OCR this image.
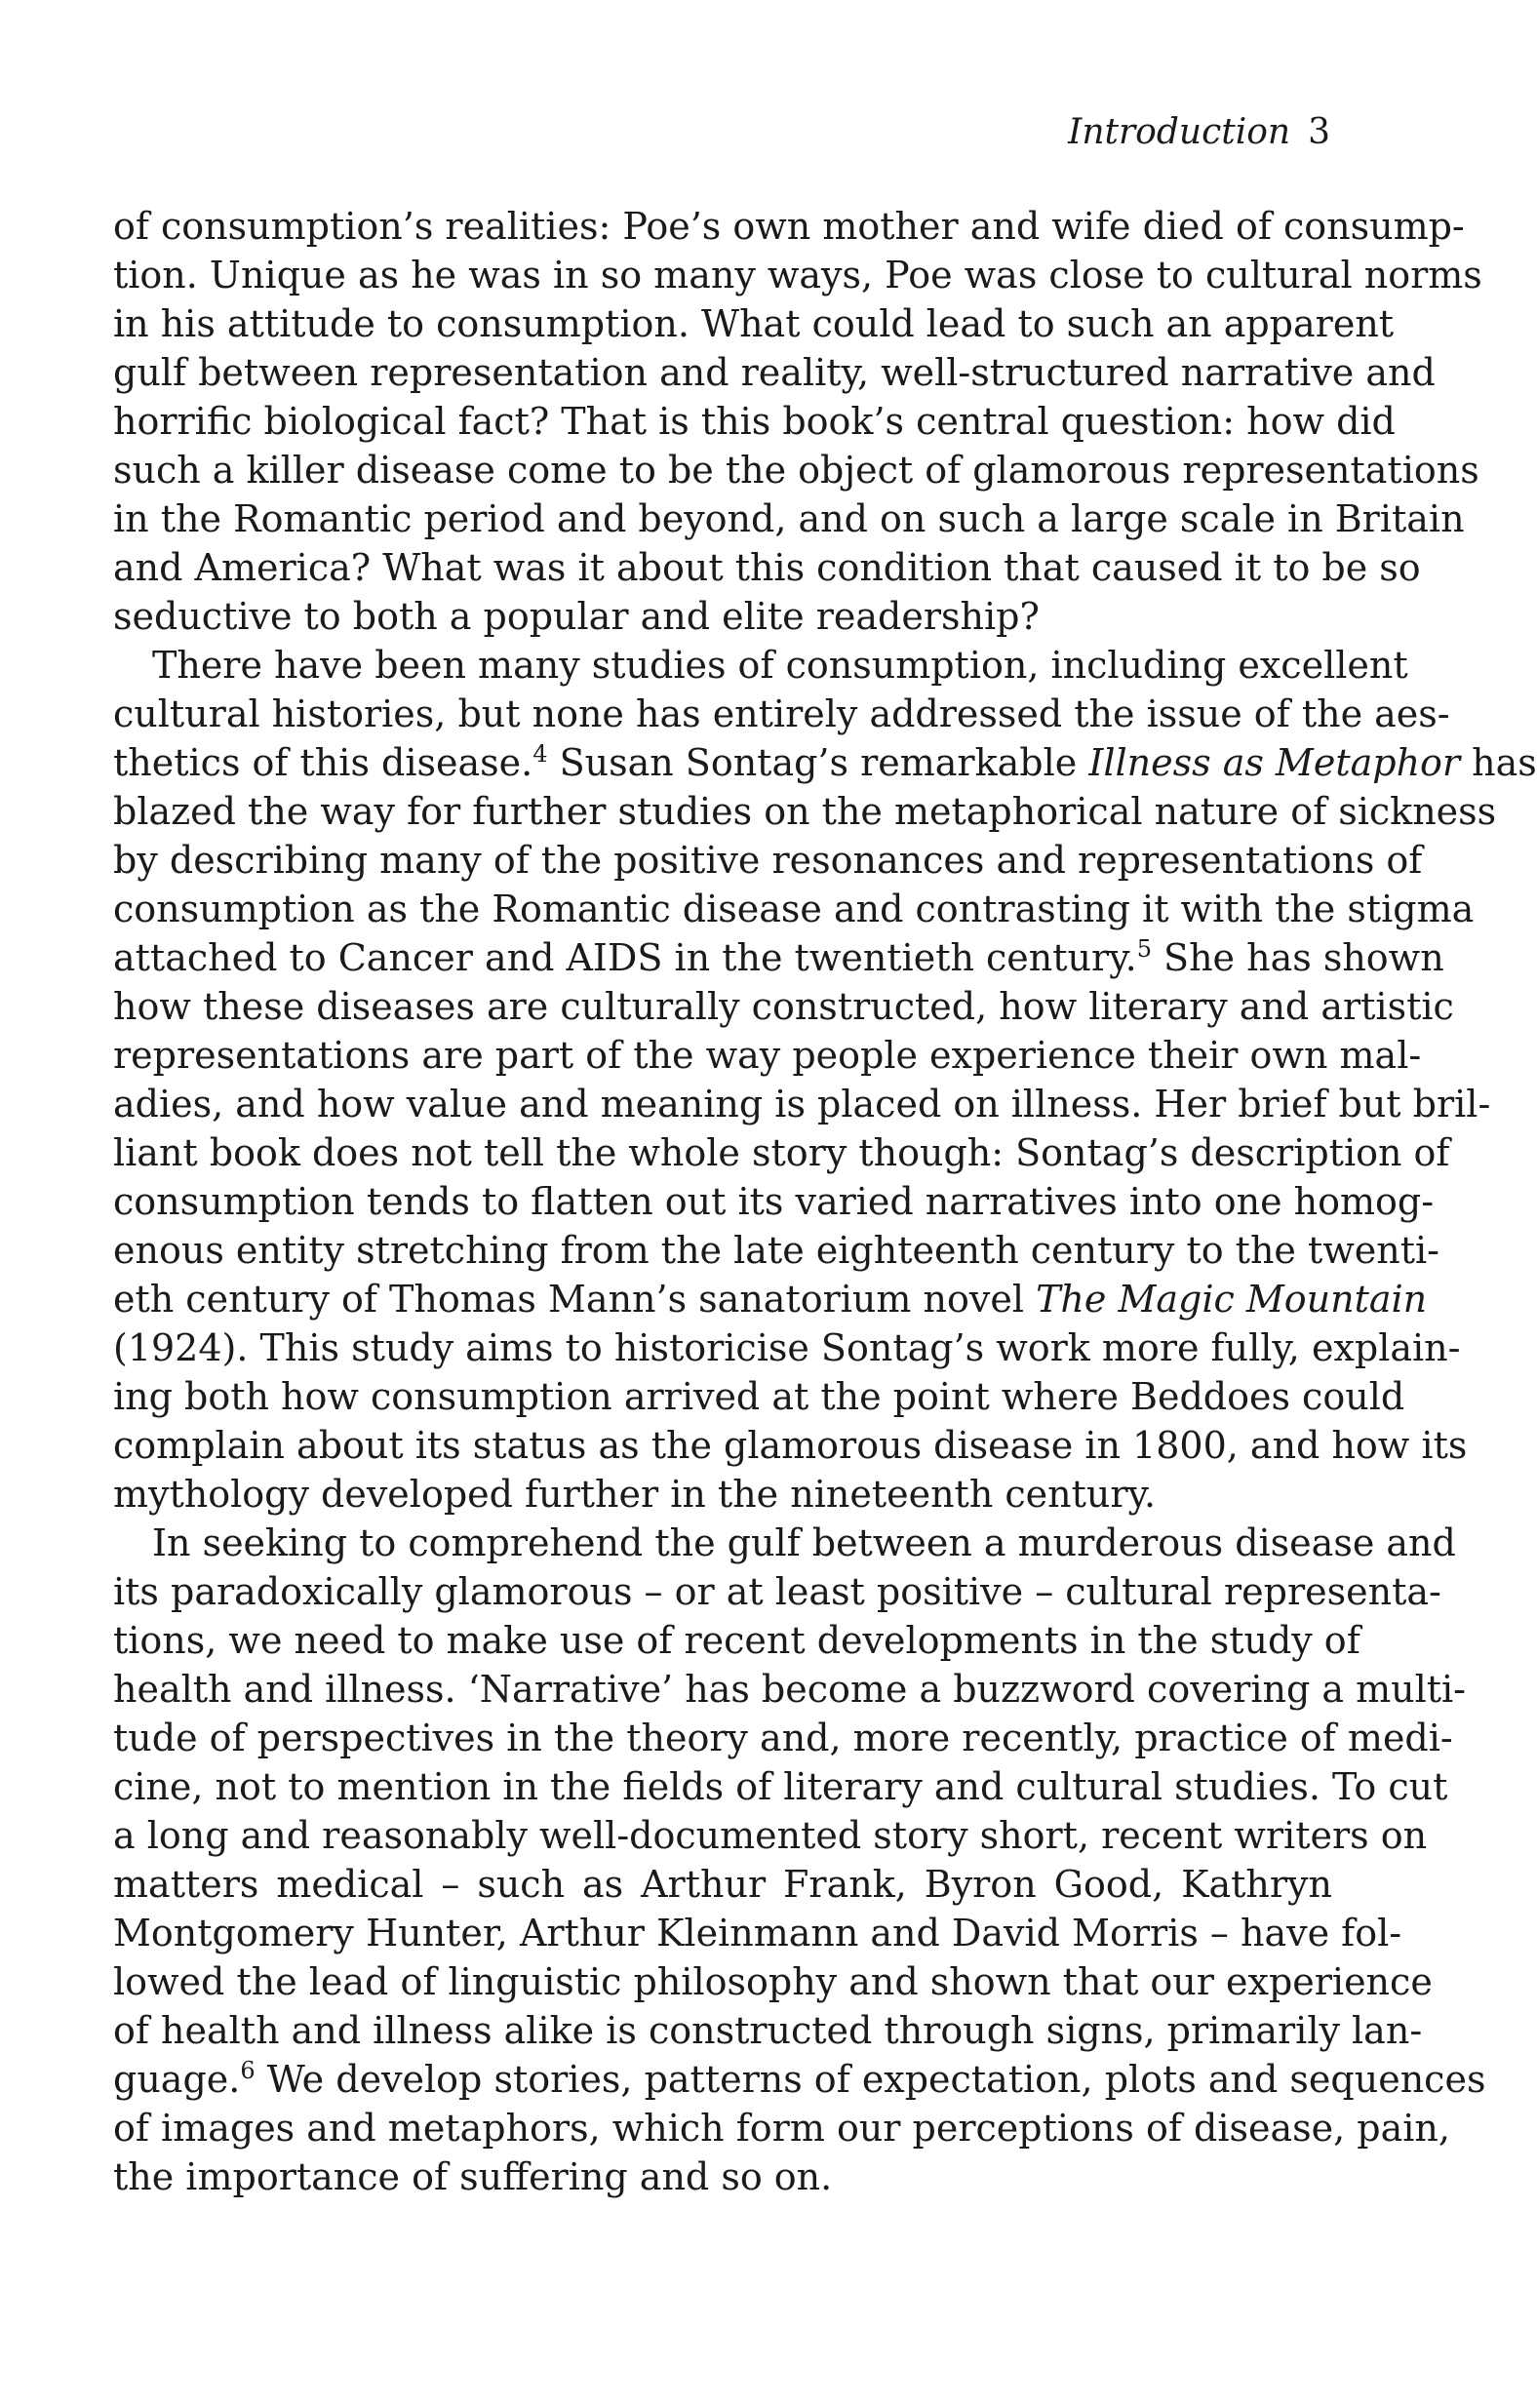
Introduction 3
of consumption’s realities: Poe’s own mother and wife died of consump-
tion. Unique as he was in so many ways, Poe was close to cultural norms
in his attitude to consumption. What could lead to such an apparent
gulf between representation and reality, well-structured narrative and
horrific biological fact? That is this book’s central question: how did
such a killer disease come to be the object of glamorous representations
in the Romantic period and beyond, and on such a large scale in Britain
and America? What was it about this condition that caused it to be so
seductive to both a popular and elite readership?
There have been many studies of consumption, including excellent
cultural histories, but none has entirely addressed the issue of the aes-
thetics of this disease.$^4$ Susan Sontag’s remarkable Illness as Metaphor has
blazed the way for further studies on the metaphorical nature of sickness
by describing many of the positive resonances and representations of
consumption as the Romantic disease and contrasting it with the stigma
attached to Cancer and AIDS in the twentieth century.$^5$ She has shown
how these diseases are culturally constructed, how literary and artistic
representations are part of the way people experience their own mal-
adies, and how value and meaning is placed on illness. Her brief but bril-
liant book does not tell the whole story though: Sontag’s description of
consumption tends to flatten out its varied narratives into one homog-
enous entity stretching from the late eighteenth century to the twenti-
eth century of Thomas Mann’s sanatorium novel The Magic Mountain
(1924). This study aims to historicise Sontag’s work more fully, explain-
ing both how consumption arrived at the point where Beddoes could
complain about its status as the glamorous disease in 1800, and how its
mythology developed further in the nineteenth century.
In seeking to comprehend the gulf between a murderous disease and
its paradoxically glamorous – or at least positive – cultural representa-
tions, we need to make use of recent developments in the study of
health and illness. ‘Narrative’ has become a buzzword covering a multi-
tude of perspectives in the theory and, more recently, practice of medi-
cine, not to mention in the fields of literary and cultural studies. To cut
a long and reasonably well-documented story short, recent writers on
matters medical – such as Arthur Frank, Byron Good, Kathryn
Montgomery Hunter, Arthur Kleinmann and David Morris – have fol-
lowed the lead of linguistic philosophy and shown that our experience
of health and illness alike is constructed through signs, primarily lan-
guage.$^6$ We develop stories, patterns of expectation, plots and sequences
of images and metaphors, which form our perceptions of disease, pain,
the importance of suffering and so on.
